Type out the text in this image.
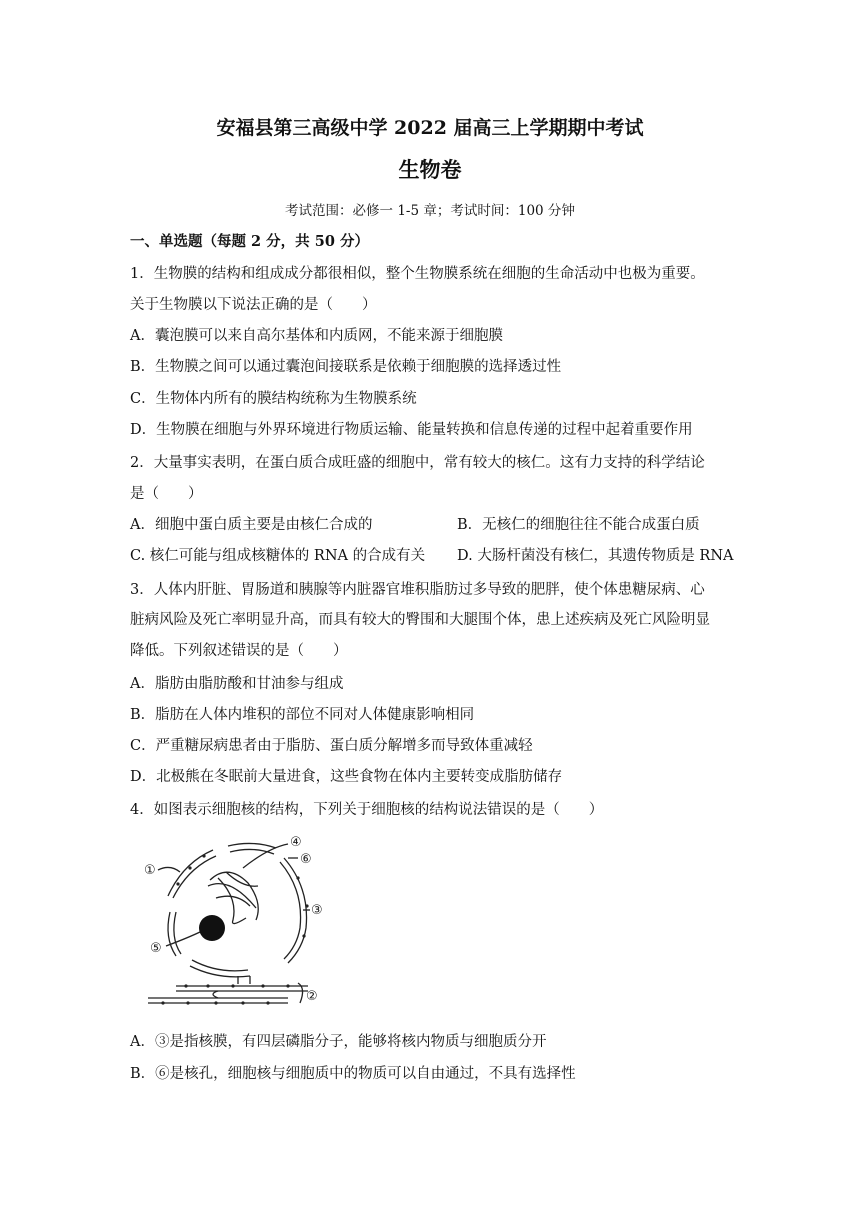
安福县第三高级中学 2022 届高三上学期期中考试
生物卷
考试范围：必修一 1-5 章；考试时间：100 分钟
一、单选题（每题 2 分，共 50 分）
1．生物膜的结构和组成成分都很相似，整个生物膜系统在细胞的生命活动中也极为重要。
关于生物膜以下说法正确的是（　　）
A．囊泡膜可以来自高尔基体和内质网，不能来源于细胞膜
B．生物膜之间可以通过囊泡间接联系是依赖于细胞膜的选择透过性
C．生物体内所有的膜结构统称为生物膜系统
D．生物膜在细胞与外界环境进行物质运输、能量转换和信息传递的过程中起着重要作用
2．大量事实表明，在蛋白质合成旺盛的细胞中，常有较大的核仁。这有力支持的科学结论
是（　　）
A．细胞中蛋白质主要是由核仁合成的	B．无核仁的细胞往往不能合成蛋白质
C. 核仁可能与组成核糖体的 RNA 的合成有关 D. 大肠杆菌没有核仁，其遗传物质是 RNA
3．人体内肝脏、胃肠道和胰腺等内脏器官堆积脂肪过多导致的肥胖，使个体患糖尿病、心
脏病风险及死亡率明显升高，而具有较大的臀围和大腿围个体，患上述疾病及死亡风险明显
降低。下列叙述错误的是（　　）
A．脂肪由脂肪酸和甘油参与组成
B．脂肪在人体内堆积的部位不同对人体健康影响相同
C．严重糖尿病患者由于脂肪、蛋白质分解增多而导致体重减轻
D．北极熊在冬眠前大量进食，这些食物在体内主要转变成脂肪储存
4．如图表示细胞核的结构，下列关于细胞核的结构说法错误的是（　　）
①
②
③
④
⑤
⑥
A．③是指核膜，有四层磷脂分子，能够将核内物质与细胞质分开
B．⑥是核孔，细胞核与细胞质中的物质可以自由通过，不具有选择性
